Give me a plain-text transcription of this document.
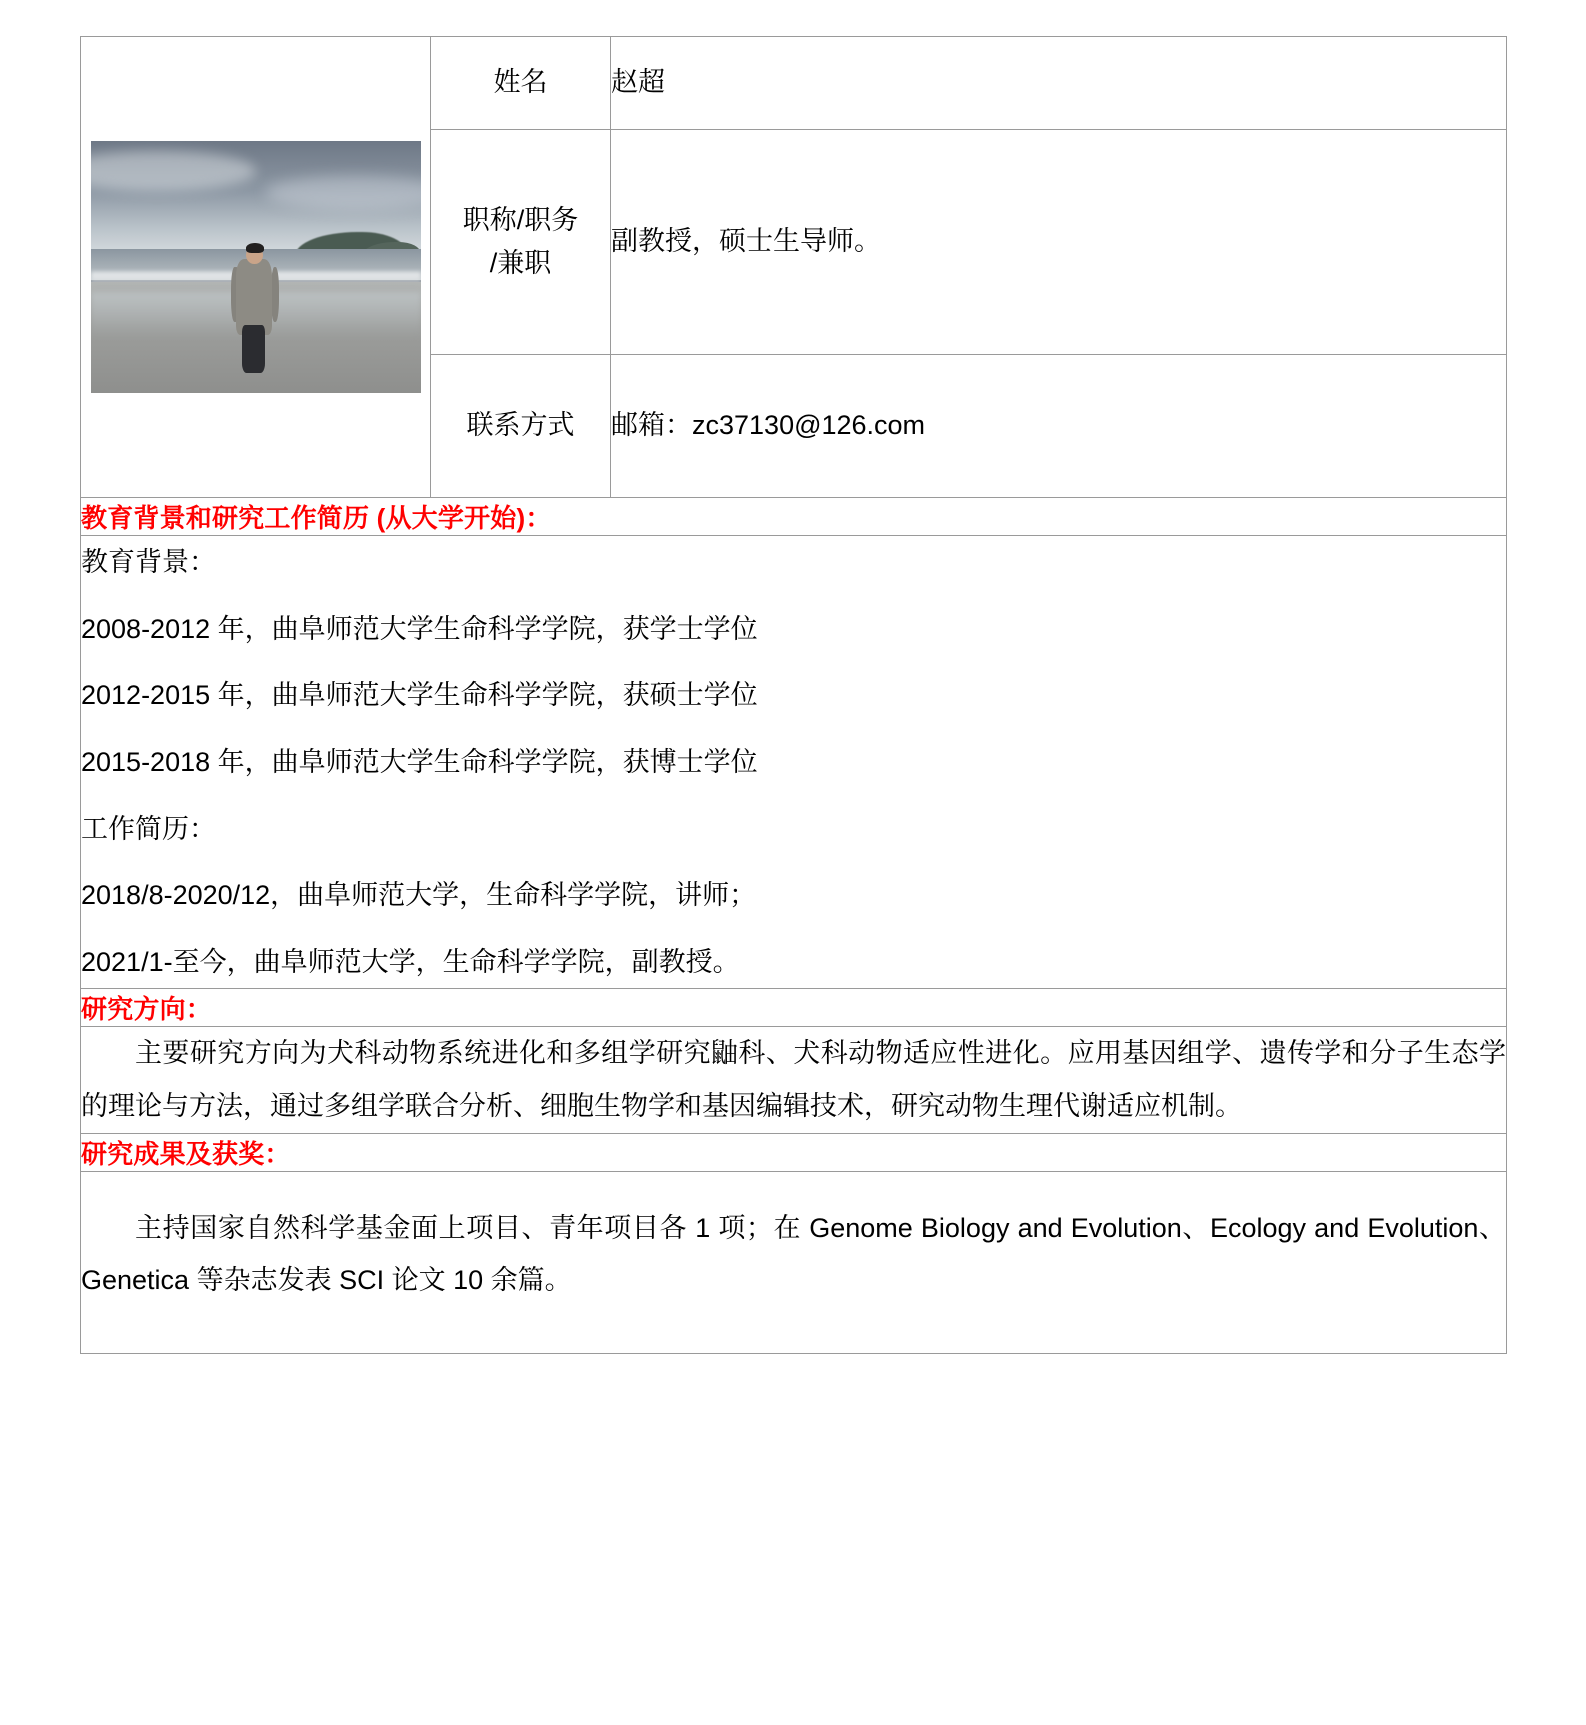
	姓名	赵超

	职称/职务
/兼职	副教授，硕士生导师。
	联系方式	邮箱：zc37130@126.com
教育背景和研究工作简历 (从大学开始)：		

教育背景：

2008-2012 年，曲阜师范大学生命科学学院，获学士学位

2012-2015 年，曲阜师范大学生命科学学院，获硕士学位

2015-2018 年，曲阜师范大学生命科学学院，获博士学位

工作简历：

2018/8-2020/12，曲阜师范大学，生命科学学院，讲师；

2021/1-至今，曲阜师范大学，生命科学学院，副教授。

研究方向：		

主要研究方向为犬科动物系统进化和多组学研究鼬科、犬科动物适应性进化。应用基因组学、遗传学和分子生态学的理论与方法，通过多组学联合分析、细胞生物学和基因编辑技术，研究动物生理代谢适应机制。		

研究成果及获奖：		

主持国家自然科学基金面上项目、青年项目各 1 项；在 Genome Biology and Evolution、Ecology and Evolution、Genetica 等杂志发表 SCI 论文 10 余篇。		
